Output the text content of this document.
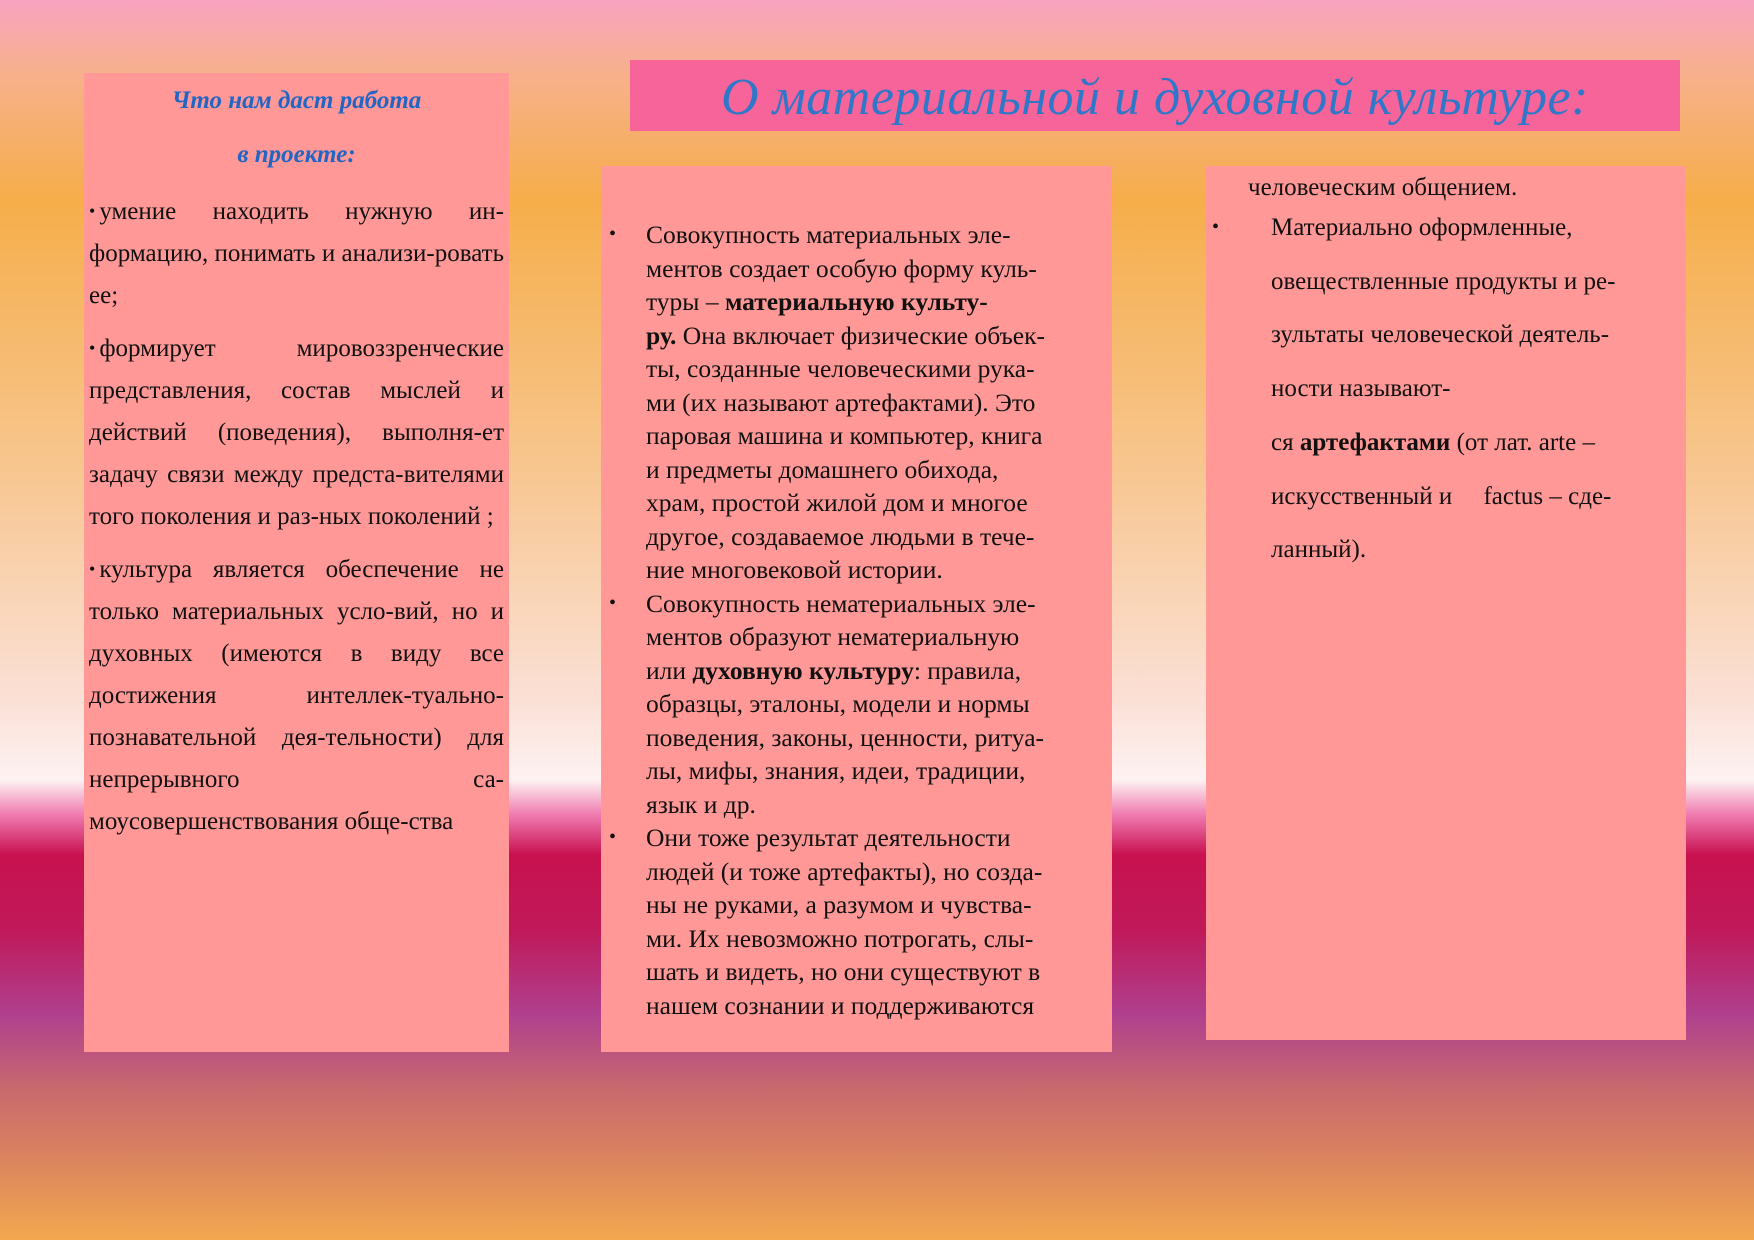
Что нам даст работа

в проекте:

• умение находить нужную ин-формацию, понимать и анализи-ровать ее;

• формирует мировоззренческие представления, состав мыслей и действий (поведения), выполня-ет задачу связи между предста-вителями того поколения и раз-ных поколений ;

• культура является обеспечение не только материальных усло-вий, но и духовных (имеются в виду все достижения интеллек-туально-познавательной дея-тельности) для непрерывного са-моусовершенствования обще-ства

О материальной и духовной культуре:
• Совокупность материальных эле-

ментов создает особую форму куль-

туры – материальную культу-

ру. Она включает физические объек-

ты, созданные человеческими рука-

ми (их называют артефактами). Это

паровая машина и компьютер, книга

и предметы домашнего обихода,

храм, простой жилой дом и многое

другое, создаваемое людьми в тече-

ние многовековой истории.

• Совокупность нематериальных эле-

ментов образуют нематериальную

или духовную культуру: правила,

образцы, эталоны, модели и нормы

поведения, законы, ценности, ритуа-

лы, мифы, знания, идеи, традиции,

язык и др.

• Они тоже результат деятельности

людей (и тоже артефакты), но созда-

ны не руками, а разумом и чувства-

ми. Их невозможно потрогать, слы-

шать и видеть, но они существуют в

нашем сознании и поддерживаются

человеческим общением.
• Материально оформленные,

овеществленные продукты и ре-

зультаты человеческой деятель-

ности называют-

ся артефактами (от лат. arte –

искусственный и     factus – сде-

ланный).
